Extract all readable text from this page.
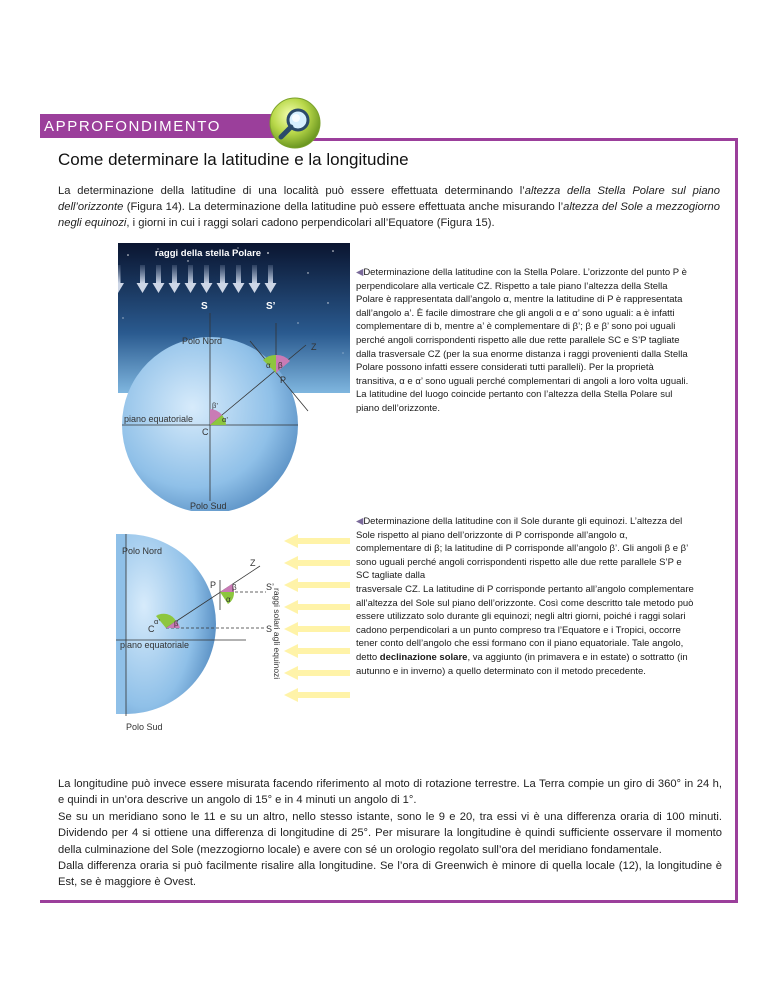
APPROFONDIMENTO
Come determinare la latitudine e la longitudine
La determinazione della latitudine di una località può essere effettuata determinando l’altezza della Stella Polare sul piano dell’orizzonte (Figura 14). La determinazione della latitudine può essere effettuata anche misurando l’altezza del Sole a mezzogiorno negli equinozi, i giorni in cui i raggi solari cadono perpendicolari all’Equatore (Figura 15).
raggi della stella Polare
S	S’
Polo Nord
Z
α β
P
β’
α’
piano equatoriale
C
Polo Sud
◀Determinazione della latitudine con la Stella Polare. L’orizzonte del punto P è perpendicolare alla verticale CZ. Rispetto a tale piano l’altezza della Stella Polare è rappresentata dall’angolo α, mentre la latitudine di P è rappresentata dall’angolo a’. È facile dimostrare che gli angoli α e α’ sono uguali: a è infatti complementare di b, mentre a’ è complementare di β’; β e β’ sono poi uguali perché angoli corrispondenti rispetto alle due rette parallele SC e S’P tagliate dalla trasversale CZ (per la sua enorme distanza i raggi provenienti dalla Stella Polare possono infatti essere considerati tutti paralleli). Per la proprietà transitiva, α e α’ sono uguali perché complementari di angoli a loro volta uguali.
La latitudine del luogo coincide pertanto con l’altezza della Stella Polare sul piano dell’orizzonte.
Polo Nord
Z
P β
α
S’
C
α’ β
S
piano equatoriale
Polo Sud
raggi solari agli equinozi
◀Determinazione della latitudine con il Sole durante gli equinozi. L’altezza del Sole rispetto al piano dell’orizzonte di P corrisponde all’angolo α, complementare di β; la latitudine di P corrisponde all’angolo β’. Gli angoli β e β’ sono uguali perché angoli corrispondenti rispetto alle due rette parallele S’P e SC tagliate dalla
trasversale CZ. La latitudine di P corrisponde pertanto all’angolo complementare all’altezza del Sole sul piano dell’orizzonte. Così come descritto tale metodo può essere utilizzato solo durante gli equinozi; negli altri giorni, poiché i raggi solari cadono perpendicolari a un punto compreso tra l’Equatore e i Tropici, occorre tener conto dell’angolo che essi formano con il piano equatoriale. Tale angolo, detto declinazione solare, va aggiunto (in primavera e in estate) o sottratto (in autunno e in inverno) a quello determinato con il metodo precedente.

La longitudine può invece essere misurata facendo riferimento al moto di rotazione terrestre. La Terra compie un giro di 360° in 24 h, e quindi in un’ora descrive un angolo di 15° e in 4 minuti un angolo di 1°.

Se su un meridiano sono le 11 e su un altro, nello stesso istante, sono le 9 e 20, tra essi vi è una differenza oraria di 100 minuti. Dividendo per 4 si ottiene una differenza di longitudine di 25°. Per misurare la longitudine è quindi sufficiente osservare il momento della culminazione del Sole (mezzogiorno locale) e avere con sé un orologio regolato sull’ora del meridiano fondamentale.

Dalla differenza oraria si può facilmente risalire alla longitudine. Se l’ora di Greenwich è minore di quella locale (12), la longitudine è Est, se è maggiore è Ovest.
